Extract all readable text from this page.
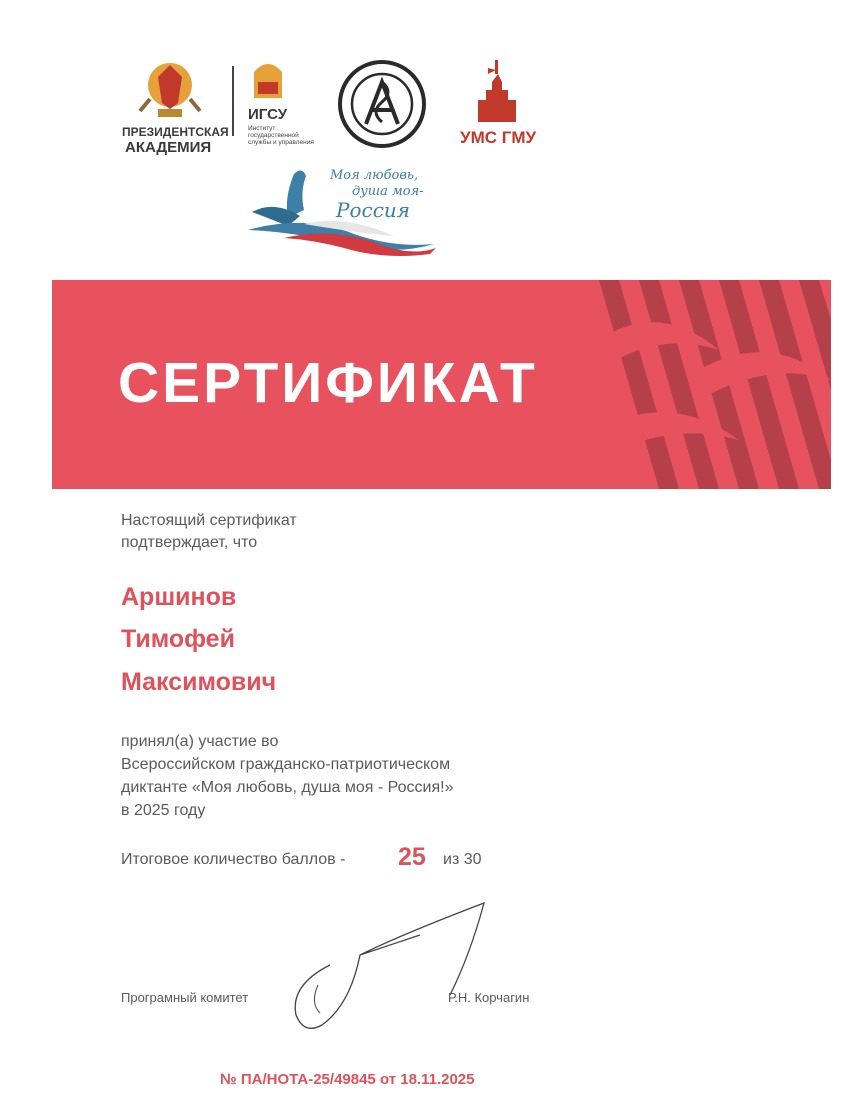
ПРЕЗИДЕНТСКАЯ
АКАДЕМИЯ
ИГСУ
Институт
государственной
службы и управления	УМС ГМУ
Моя любовь,
душа моя-
Россия
СЕРТИФИКАТ
Настоящий сертификат
подтверждает, что
Аршинов
Тимофей
Максимович
принял(а) участие во
Всероссийском гражданско-патриотическом
диктанте «Моя любовь, душа моя - Россия!»
в 2025 году
Итоговое количество баллов - 25 из 30
Програмный комитет	Р.Н. Корчагин
№ ПА/НОТА-25/49845 от 18.11.2025
